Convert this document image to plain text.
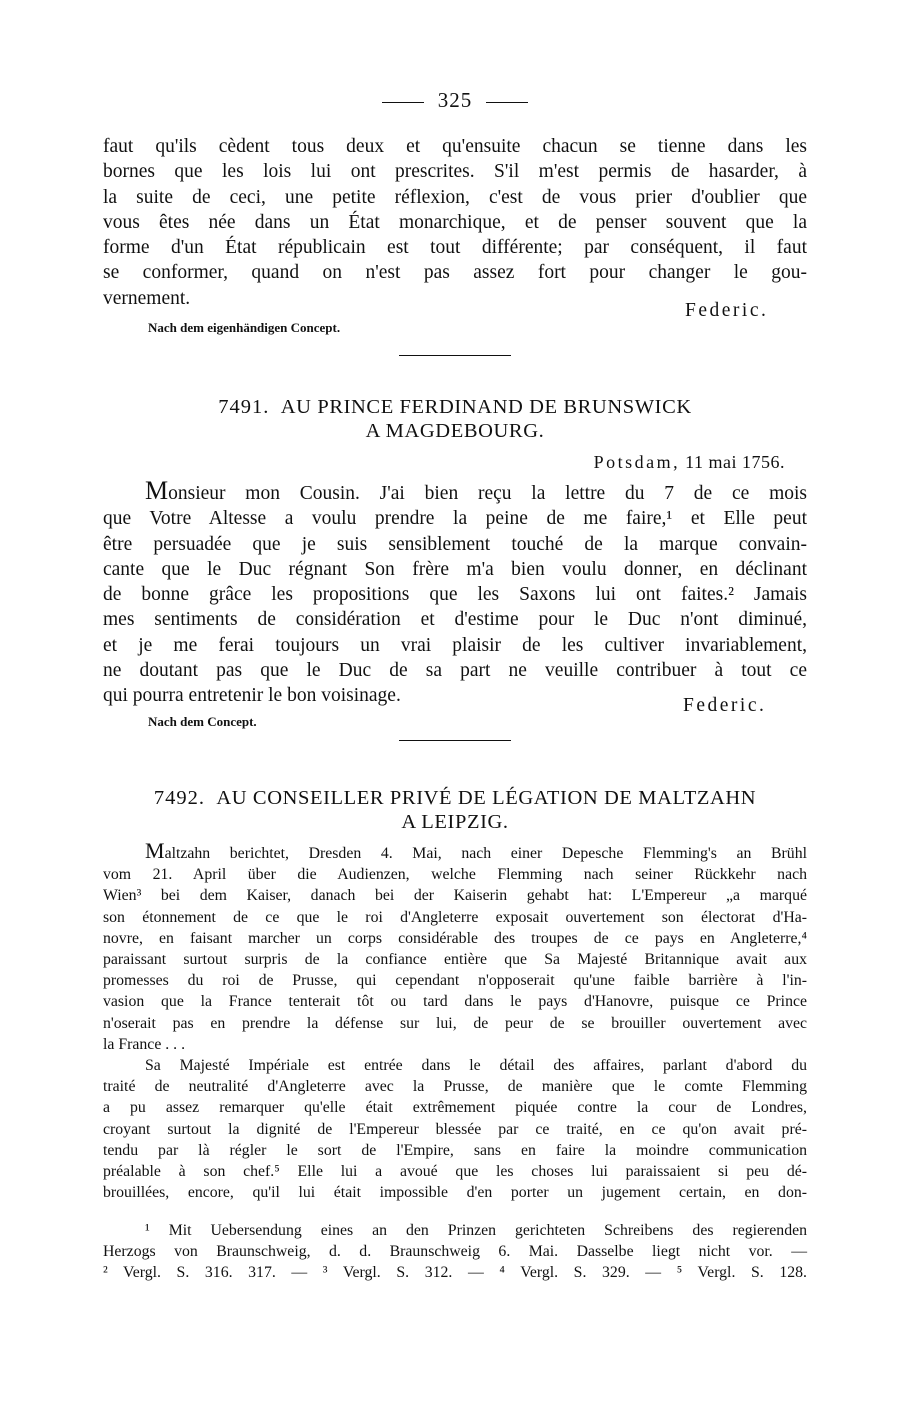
325
faut qu'ils cèdent tous deux et qu'ensuite chacun se tienne dans les
bornes que les lois lui ont prescrites. S'il m'est permis de hasarder, à
la suite de ceci, une petite réflexion, c'est de vous prier d'oublier que
vous êtes née dans un État monarchique, et de penser souvent que la
forme d'un État républicain est tout différente; par conséquent, il faut
se conformer, quand on n'est pas assez fort pour changer le gou-
vernement.
Federic.
Nach dem eigenhändigen Concept.
7491. AU PRINCE FERDINAND DE BRUNSWICK
A MAGDEBOURG.
Potsdam, 11 mai 1756.
Monsieur mon Cousin. J'ai bien reçu la lettre du 7 de ce mois
que Votre Altesse a voulu prendre la peine de me faire,¹ et Elle peut
être persuadée que je suis sensiblement touché de la marque convain-
cante que le Duc régnant Son frère m'a bien voulu donner, en déclinant
de bonne grâce les propositions que les Saxons lui ont faites.² Jamais
mes sentiments de considération et d'estime pour le Duc n'ont diminué,
et je me ferai toujours un vrai plaisir de les cultiver invariablement,
ne doutant pas que le Duc de sa part ne veuille contribuer à tout ce
qui pourra entretenir le bon voisinage.	Federic.
Nach dem Concept.
7492. AU CONSEILLER PRIVÉ DE LÉGATION DE MALTZAHN
A LEIPZIG.
Maltzahn berichtet, Dresden 4. Mai, nach einer Depesche Flemming's an Brühl
vom 21. April über die Audienzen, welche Flemming nach seiner Rückkehr nach
Wien³ bei dem Kaiser, danach bei der Kaiserin gehabt hat: L'Empereur „a marqué
son étonnement de ce que le roi d'Angleterre exposait ouvertement son électorat d'Ha-
novre, en faisant marcher un corps considérable des troupes de ce pays en Angleterre,⁴
paraissant surtout surpris de la confiance entière que Sa Majesté Britannique avait aux
promesses du roi de Prusse, qui cependant n'opposerait qu'une faible barrière à l'in-
vasion que la France tenterait tôt ou tard dans le pays d'Hanovre, puisque ce Prince
n'oserait pas en prendre la défense sur lui, de peur de se brouiller ouvertement avec
la France . . .
Sa Majesté Impériale est entrée dans le détail des affaires, parlant d'abord du
traité de neutralité d'Angleterre avec la Prusse, de manière que le comte Flemming
a pu assez remarquer qu'elle était extrêmement piquée contre la cour de Londres,
croyant surtout la dignité de l'Empereur blessée par ce traité, en ce qu'on avait pré-
tendu par là régler le sort de l'Empire, sans en faire la moindre communication
préalable à son chef.⁵ Elle lui a avoué que les choses lui paraissaient si peu dé-
brouillées, encore, qu'il lui était impossible d'en porter un jugement certain, en don-
¹ Mit Uebersendung eines an den Prinzen gerichteten Schreibens des regierenden
Herzogs von Braunschweig, d. d. Braunschweig 6. Mai. Dasselbe liegt nicht vor. —
² Vergl. S. 316. 317. — ³ Vergl. S. 312. — ⁴ Vergl. S. 329. — ⁵ Vergl. S. 128.
